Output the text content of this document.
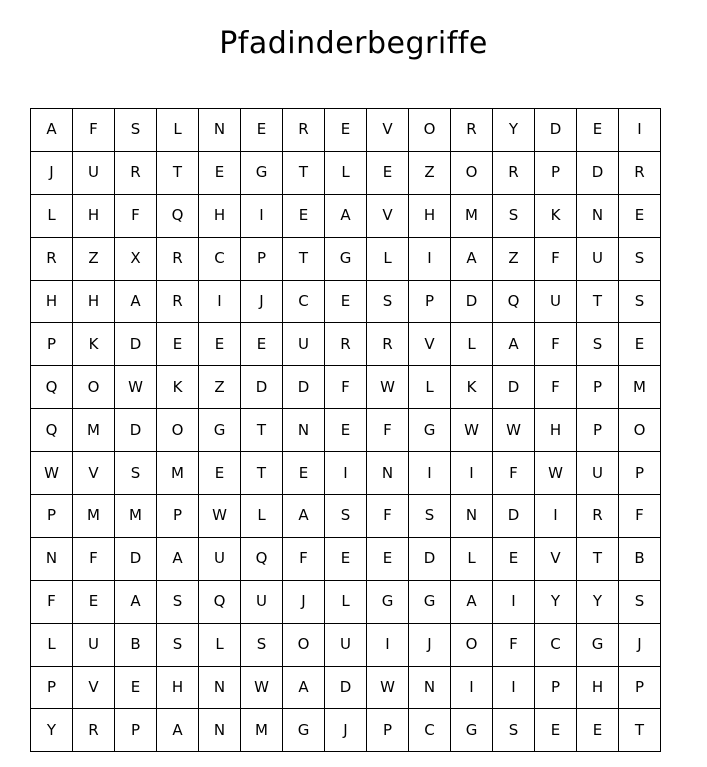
Pfadinderbegriffe
A	F	S	L	N	E	R	E	V	O	R	Y	D	E	I
J	U	R	T	E	G	T	L	E	Z	O	R	P	D	R
L	H	F	Q	H	I	E	A	V	H	M	S	K	N	E
R	Z	X	R	C	P	T	G	L	I	A	Z	F	U	S
H	H	A	R	I	J	C	E	S	P	D	Q	U	T	S
P	K	D	E	E	E	U	R	R	V	L	A	F	S	E
Q	O	W	K	Z	D	D	F	W	L	K	D	F	P	M
Q	M	D	O	G	T	N	E	F	G	W	W	H	P	O
W	V	S	M	E	T	E	I	N	I	I	F	W	U	P
P	M	M	P	W	L	A	S	F	S	N	D	I	R	F
N	F	D	A	U	Q	F	E	E	D	L	E	V	T	B
F	E	A	S	Q	U	J	L	G	G	A	I	Y	Y	S
L	U	B	S	L	S	O	U	I	J	O	F	C	G	J
P	V	E	H	N	W	A	D	W	N	I	I	P	H	P
Y	R	P	A	N	M	G	J	P	C	G	S	E	E	T
